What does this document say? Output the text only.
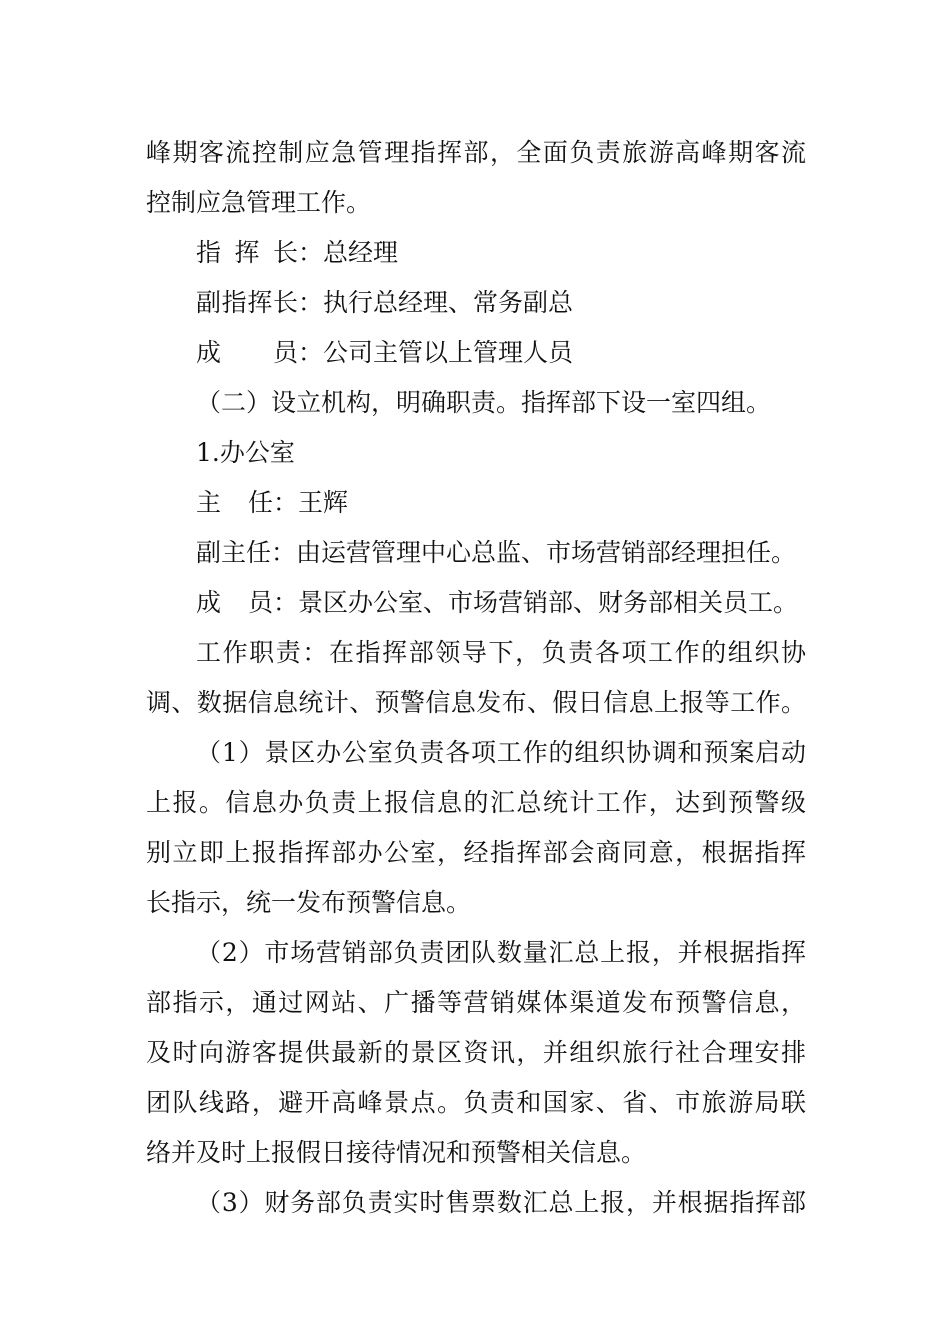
峰期客流控制应急管理指挥部，全面负责旅游高峰期客流
控制应急管理工作。
指挥长：总经理
副指挥长：执行总经理、常务副总
成员：公司主管以上管理人员
（二）设立机构，明确职责。指挥部下设一室四组。
1.办公室
主任：王辉
副主任：由运营管理中心总监、市场营销部经理担任。
成员：景区办公室、市场营销部、财务部相关员工。
工作职责：在指挥部领导下，负责各项工作的组织协
调、数据信息统计、预警信息发布、假日信息上报等工作。
（1）景区办公室负责各项工作的组织协调和预案启动
上报。信息办负责上报信息的汇总统计工作，达到预警级
别立即上报指挥部办公室，经指挥部会商同意，根据指挥
长指示，统一发布预警信息。
（2）市场营销部负责团队数量汇总上报，并根据指挥
部指示，通过网站、广播等营销媒体渠道发布预警信息，
及时向游客提供最新的景区资讯，并组织旅行社合理安排
团队线路，避开高峰景点。负责和国家、省、市旅游局联
络并及时上报假日接待情况和预警相关信息。
（3）财务部负责实时售票数汇总上报，并根据指挥部
